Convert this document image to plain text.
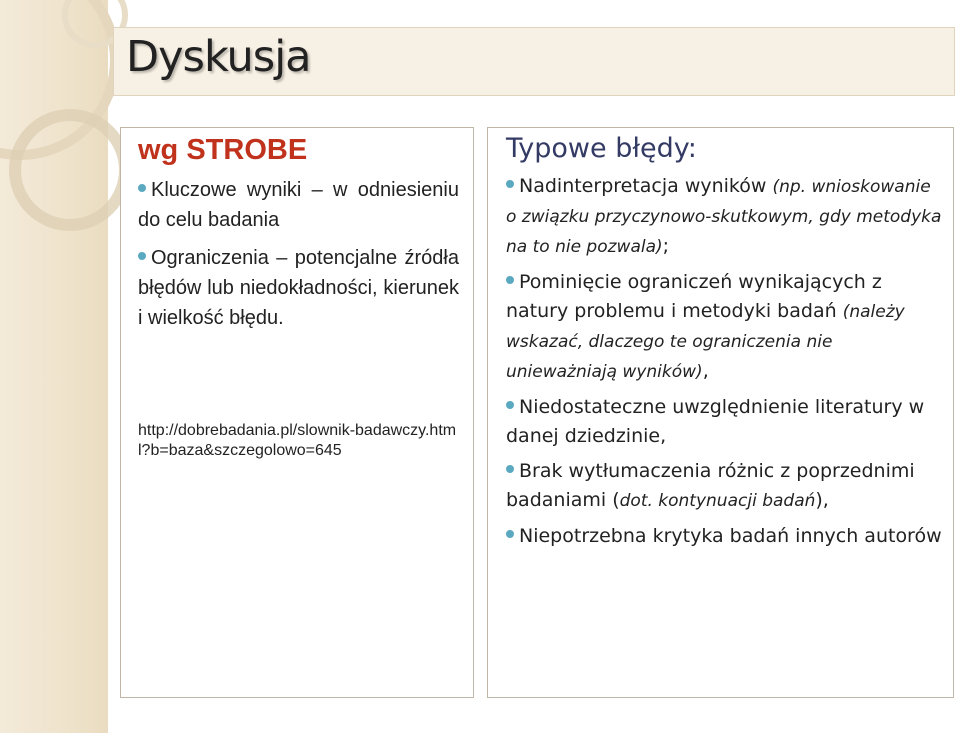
Dyskusja
wg STROBE
Kluczowe wyniki – w odniesieniu do celu badania
Ograniczenia – potencjalne źródła błędów lub niedokładności, kierunek i wielkość błędu.
http://dobrebadania.pl/slownik-badawczy.html?b=baza&szczegolowo=645
Typowe błędy:
Nadinterpretacja wyników (np. wnioskowanie o związku przyczynowo-skutkowym, gdy metodyka na to nie pozwala);
Pominięcie ograniczeń wynikających z natury problemu i metodyki badań (należy wskazać, dlaczego te ograniczenia nie unieważniają wyników),
Niedostateczne uwzględnienie literatury w danej dziedzinie,
Brak wytłumaczenia różnic z poprzednimi badaniami (dot. kontynuacji badań),
Niepotrzebna krytyka badań innych autorów
